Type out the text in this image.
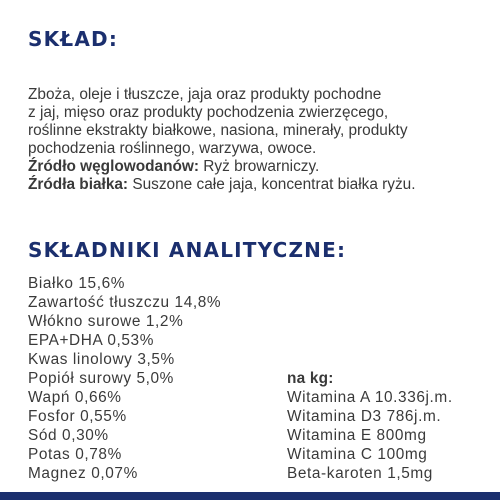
SKŁAD:
Zboża, oleje i tłuszcze, jaja oraz produkty pochodne
z jaj, mięso oraz produkty pochodzenia zwierzęcego,
roślinne ekstrakty białkowe, nasiona, minerały, produkty
pochodzenia roślinnego, warzywa, owoce.
Źródło węglowodanów: Ryż browarniczy.
Źródła białka: Suszone całe jaja, koncentrat białka ryżu.
SKŁADNIKI ANALITYCZNE:
Białko 15,6%
Zawartość tłuszczu 14,8%
Włókno surowe 1,2%
EPA+DHA 0,53%
Kwas linolowy 3,5%
Popiół surowy 5,0%
Wapń 0,66%
Fosfor 0,55%
Sód 0,30%
Potas 0,78%
Magnez 0,07%
na kg:
Witamina A 10.336j.m.
Witamina D3 786j.m.
Witamina E 800mg
Witamina C 100mg
Beta-karoten 1,5mg
